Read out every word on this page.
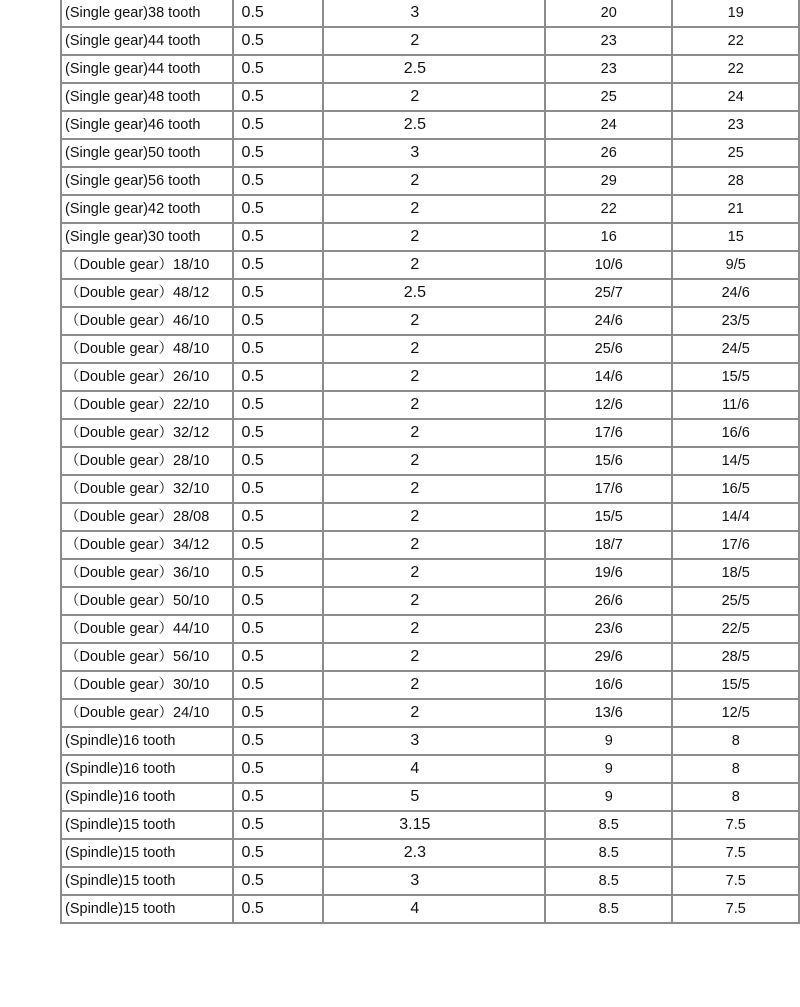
(Single gear)38 tooth	0.5	3	20	19
(Single gear)44 tooth	0.5	2	23	22
(Single gear)44 tooth	0.5	2.5	23	22
(Single gear)48 tooth	0.5	2	25	24
(Single gear)46 tooth	0.5	2.5	24	23
(Single gear)50 tooth	0.5	3	26	25
(Single gear)56 tooth	0.5	2	29	28
(Single gear)42 tooth	0.5	2	22	21
(Single gear)30 tooth	0.5	2	16	15
（Double gear）18/10	0.5	2	10/6	9/5
（Double gear）48/12	0.5	2.5	25/7	24/6
（Double gear）46/10	0.5	2	24/6	23/5
（Double gear）48/10	0.5	2	25/6	24/5
（Double gear）26/10	0.5	2	14/6	15/5
（Double gear）22/10	0.5	2	12/6	11/6
（Double gear）32/12	0.5	2	17/6	16/6
（Double gear）28/10	0.5	2	15/6	14/5
（Double gear）32/10	0.5	2	17/6	16/5
（Double gear）28/08	0.5	2	15/5	14/4
（Double gear）34/12	0.5	2	18/7	17/6
（Double gear）36/10	0.5	2	19/6	18/5
（Double gear）50/10	0.5	2	26/6	25/5
（Double gear）44/10	0.5	2	23/6	22/5
（Double gear）56/10	0.5	2	29/6	28/5
（Double gear）30/10	0.5	2	16/6	15/5
（Double gear）24/10	0.5	2	13/6	12/5
(Spindle)16 tooth	0.5	3	9	8
(Spindle)16 tooth	0.5	4	9	8
(Spindle)16 tooth	0.5	5	9	8
(Spindle)15 tooth	0.5	3.15	8.5	7.5
(Spindle)15 tooth	0.5	2.3	8.5	7.5
(Spindle)15 tooth	0.5	3	8.5	7.5
(Spindle)15 tooth	0.5	4	8.5	7.5
